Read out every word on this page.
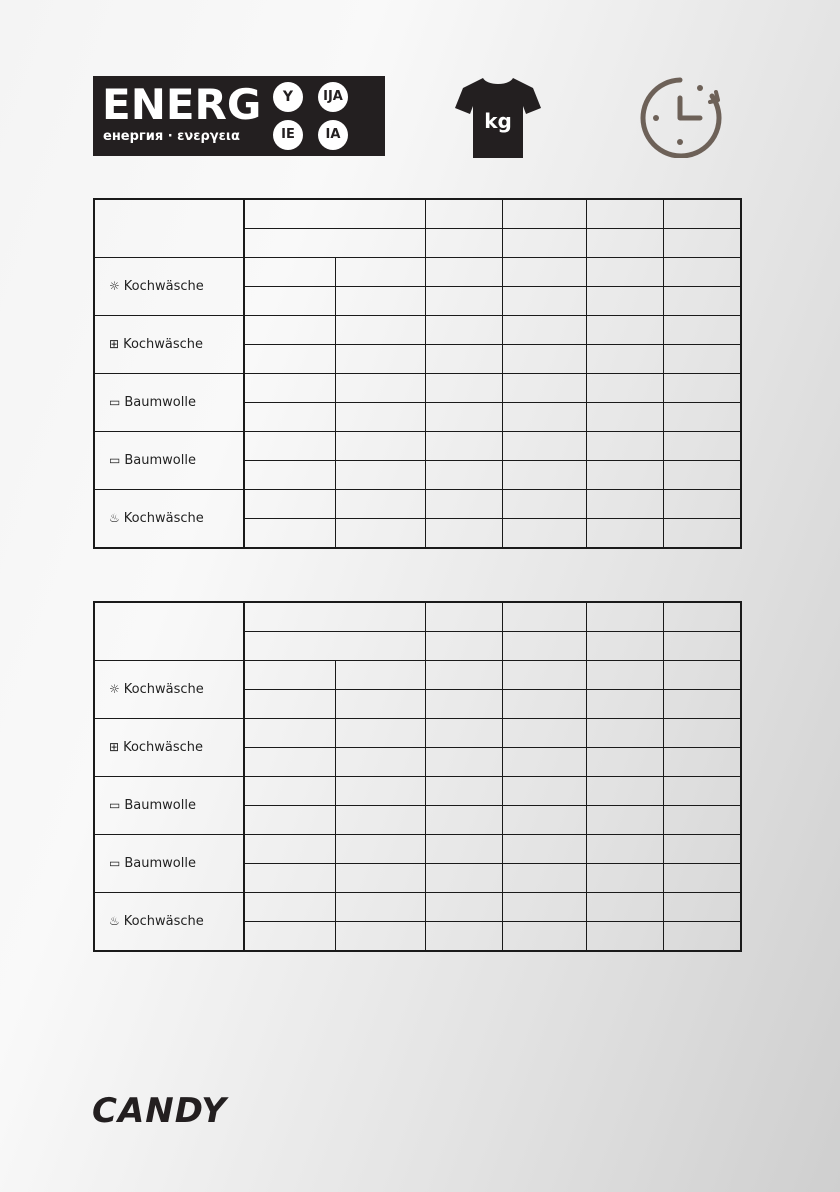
ENERG
енергия · ενεργεια
Y	IJA
IE	IA
kg

☼ Kochwäsche						

⊞ Kochwäsche						

▭ Baumwolle						

▭ Baumwolle						

♨ Kochwäsche						

☼ Kochwäsche						

⊞ Kochwäsche						

▭ Baumwolle						

▭ Baumwolle						

♨ Kochwäsche						

CANDY
